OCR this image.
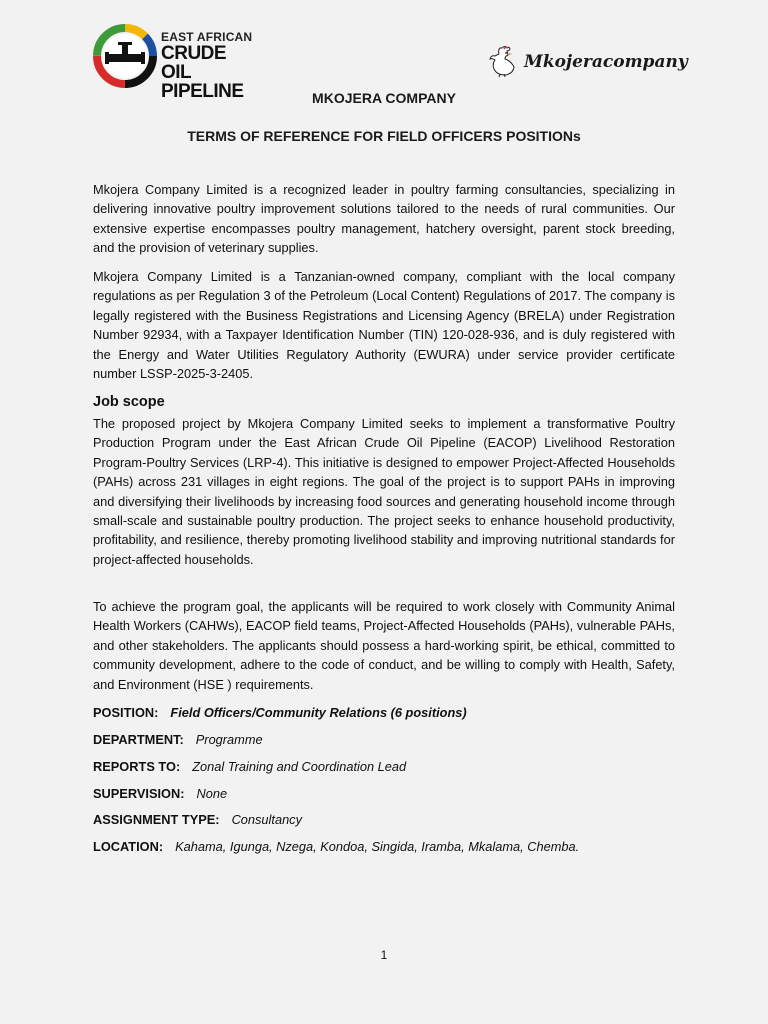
EAST AFRICAN
CRUDE OIL
PIPELINE
Mkojeracompany
MKOJERA COMPANY
TERMS OF REFERENCE FOR FIELD OFFICERS POSITIONs

Mkojera Company Limited is a recognized leader in poultry farming consultancies, specializing in delivering innovative poultry improvement solutions tailored to the needs of rural communities. Our extensive expertise encompasses poultry management, hatchery oversight, parent stock breeding, and the provision of veterinary supplies.

Mkojera Company Limited is a Tanzanian-owned company, compliant with the local company regulations as per Regulation 3 of the Petroleum (Local Content) Regulations of 2017. The company is legally registered with the Business Registrations and Licensing Agency (BRELA) under Registration Number 92934, with a Taxpayer Identification Number (TIN) 120-028-936, and is duly registered with the Energy and Water Utilities Regulatory Authority (EWURA) under service provider certificate number LSSP-2025-3-2405.

Job scope

The proposed project by Mkojera Company Limited seeks to implement a transformative Poultry Production Program under the East African Crude Oil Pipeline (EACOP) Livelihood Restoration Program-Poultry Services (LRP-4). This initiative is designed to empower Project-Affected Households (PAHs) across 231 villages in eight regions. The goal of the project is to support PAHs in improving and diversifying their livelihoods by increasing food sources and generating household income through small-scale and sustainable poultry production. The project seeks to enhance household productivity, profitability, and resilience, thereby promoting livelihood stability and improving nutritional standards for project-affected households.

To achieve the program goal, the applicants will be required to work closely with Community Animal Health Workers (CAHWs), EACOP field teams, Project-Affected Households (PAHs), vulnerable PAHs, and other stakeholders. The applicants should possess a hard-working spirit, be ethical, committed to community development, adhere to the code of conduct, and be willing to comply with Health, Safety, and Environment (HSE ) requirements.

POSITION: Field Officers/Community Relations (6 positions)
DEPARTMENT: Programme
REPORTS TO: Zonal Training and Coordination Lead
SUPERVISION: None
ASSIGNMENT TYPE: Consultancy
LOCATION: Kahama, Igunga, Nzega, Kondoa, Singida, Iramba, Mkalama, Chemba.
1
